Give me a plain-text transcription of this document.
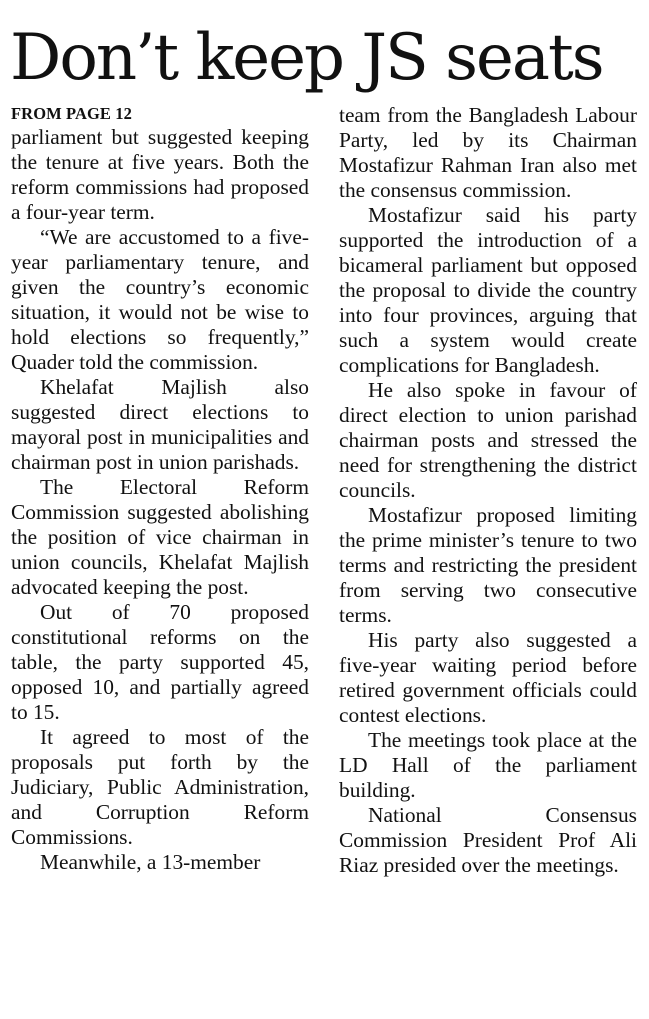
Don’t keep JS seats

FROM PAGE 12

parliament but suggested keeping the tenure at five years. Both the reform commissions had proposed a four-year term.

“We are accustomed to a five-year parliamentary tenure, and given the country’s economic situation, it would not be wise to hold elections so frequently,” Quader told the commission.

Khelafat Majlish also suggested direct elections to mayoral post in municipalities and chairman post in union parishads.

The Electoral Reform Commission suggested abolishing the position of vice chairman in union councils, Khelafat Majlish advocated keeping the post.

Out of 70 proposed constitutional reforms on the table, the party supported 45, opposed 10, and partially agreed to 15.

It agreed to most of the proposals put forth by the Judiciary, Public Administration, and Corruption Reform Commissions.

Meanwhile, a 13-member

team from the Bangladesh Labour Party, led by its Chairman Mostafizur Rahman Iran also met the consensus commission.

Mostafizur said his party supported the introduction of a bicameral parliament but opposed the proposal to divide the country into four provinces, arguing that such a system would create complications for Bangladesh.

He also spoke in favour of direct election to union parishad chairman posts and stressed the need for strengthening the district councils.

Mostafizur proposed limiting the prime minister’s tenure to two terms and restricting the president from serving two consecutive terms.

His party also suggested a five-year waiting period before retired government officials could contest elections.

The meetings took place at the LD Hall of the parliament building.

National Consensus Commission President Prof Ali Riaz presided over the meetings.
